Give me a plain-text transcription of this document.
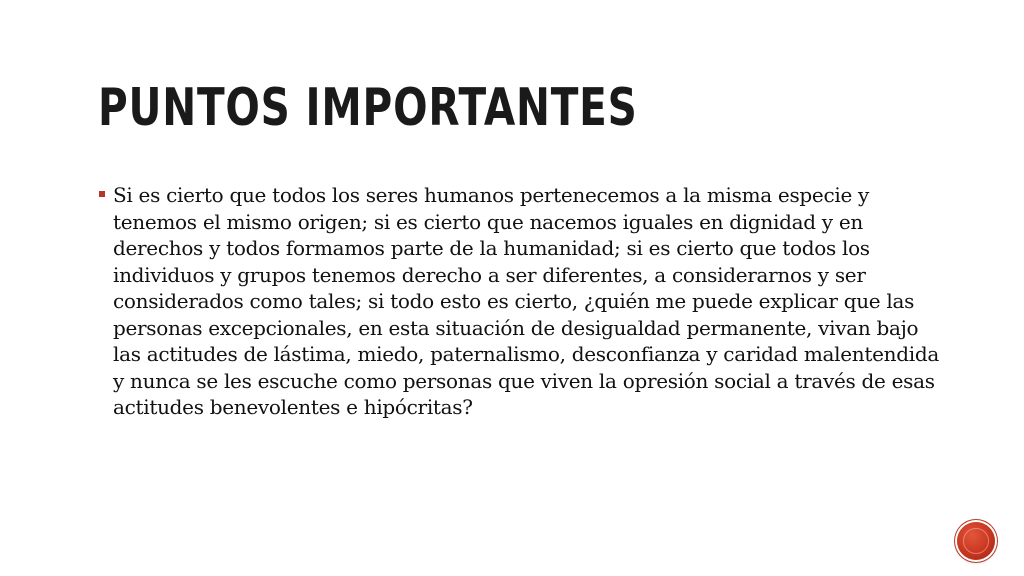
PUNTOS IMPORTANTES

Si es cierto que todos los seres humanos pertenecemos a la misma especie y tenemos el mismo origen; si es cierto que nacemos iguales en dignidad y en derechos y todos formamos parte de la humanidad; si es cierto que todos los individuos y grupos tenemos derecho a ser diferentes, a considerarnos y ser considerados como tales; si todo esto es cierto, ¿quién me puede explicar que las personas excepcionales, en esta situación de desigualdad permanente, vivan bajo las actitudes de lástima, miedo, paternalismo, desconfianza y caridad malentendida y nunca se les escuche como personas que viven la opresión social a través de esas actitudes benevolentes e hipócritas?
